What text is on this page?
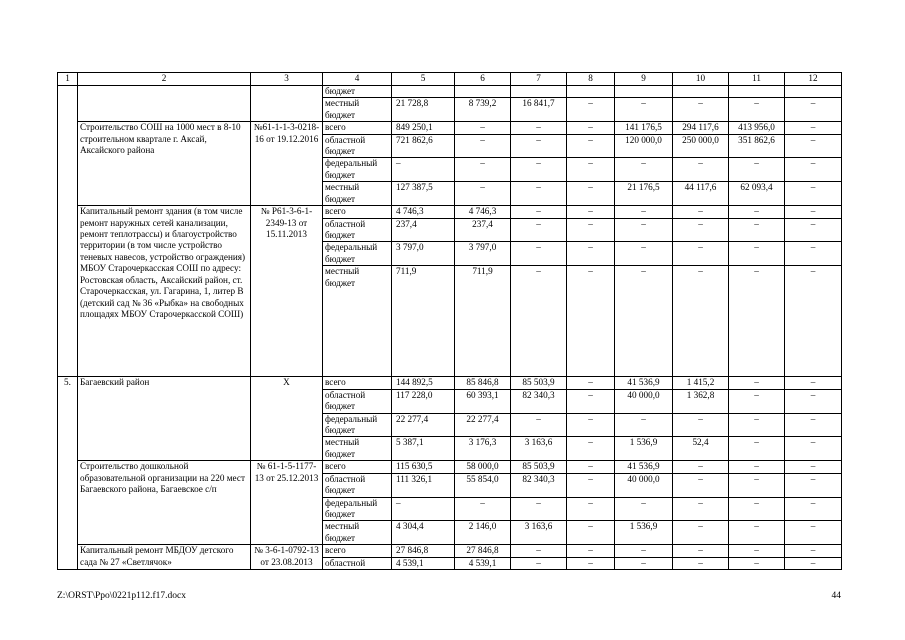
1	2	3	4	5	6	7	8	9	10	11	12
			бюджет								
			местный бюджет	21 728,8	8 739,2	16 841,7	–	–	–	–	–
	Строительство СОШ на 1000 мест в 8-10 строительном квартале г. Аксай, Аксайского района	№61-1-1-3-0218-16 от 19.12.2016	всего	849 250,1	–	–	–	141 176,5	294 117,6	413 956,0	–
			областной бюджет	721 862,6	–	–	–	120 000,0	250 000,0	351 862,6	–
			федеральный бюджет	–	–	–	–	–	–	–	–
			местный бюджет	127 387,5	–	–	–	21 176,5	44 117,6	62 093,4	–
	Капитальный ремонт здания (в том числе ремонт наружных сетей канализации, ремонт теплотрассы) и благоустройство территории (в том числе устройство теневых навесов, устройство ограждения) МБОУ Старочеркасская СОШ по адресу: Ростовская область, Аксайский район, ст. Старочеркасская, ул. Гагарина, 1, литер В (детский сад № 36 «Рыбка» на свободных площадях МБОУ Старочеркасской СОШ)	№ Р61-3-6-1-2349-13 от 15.11.2013	всего	4 746,3	4 746,3	–	–	–	–	–	–
			областной бюджет	237,4	237,4	–	–	–	–	–	–
			федеральный бюджет	3 797,0	3 797,0	–	–	–	–	–	–
			местный бюджет	711,9	711,9	–	–	–	–	–	–
5.	Багаевский район	Х	всего	144 892,5	85 846,8	85 503,9	–	41 536,9	1 415,2	–	–
			областной бюджет	117 228,0	60 393,1	82 340,3	–	40 000,0	1 362,8	–	–
			федеральный бюджет	22 277,4	22 277,4	–	–	–	–	–	–
			местный бюджет	5 387,1	3 176,3	3 163,6	–	1 536,9	52,4	–	–
	Строительство дошкольной образовательной организации на 220 мест Багаевского района, Багаевское с/п	№ 61-1-5-1177-13 от 25.12.2013	всего	115 630,5	58 000,0	85 503,9	–	41 536,9	–	–	–
			областной бюджет	111 326,1	55 854,0	82 340,3	–	40 000,0	–	–	–
			федеральный бюджет	–	–	–	–	–	–	–	–
			местный бюджет	4 304,4	2 146,0	3 163,6	–	1 536,9	–	–	–
	Капитальный ремонт МБДОУ детского сада № 27 «Светлячок»	№ 3-6-1-0792-13 от 23.08.2013	всего	27 846,8	27 846,8	–	–	–	–	–	–
			областной	4 539,1	4 539,1	–	–	–	–	–	–
Z:\ORST\Ppo\0221p112.f17.docx	44
